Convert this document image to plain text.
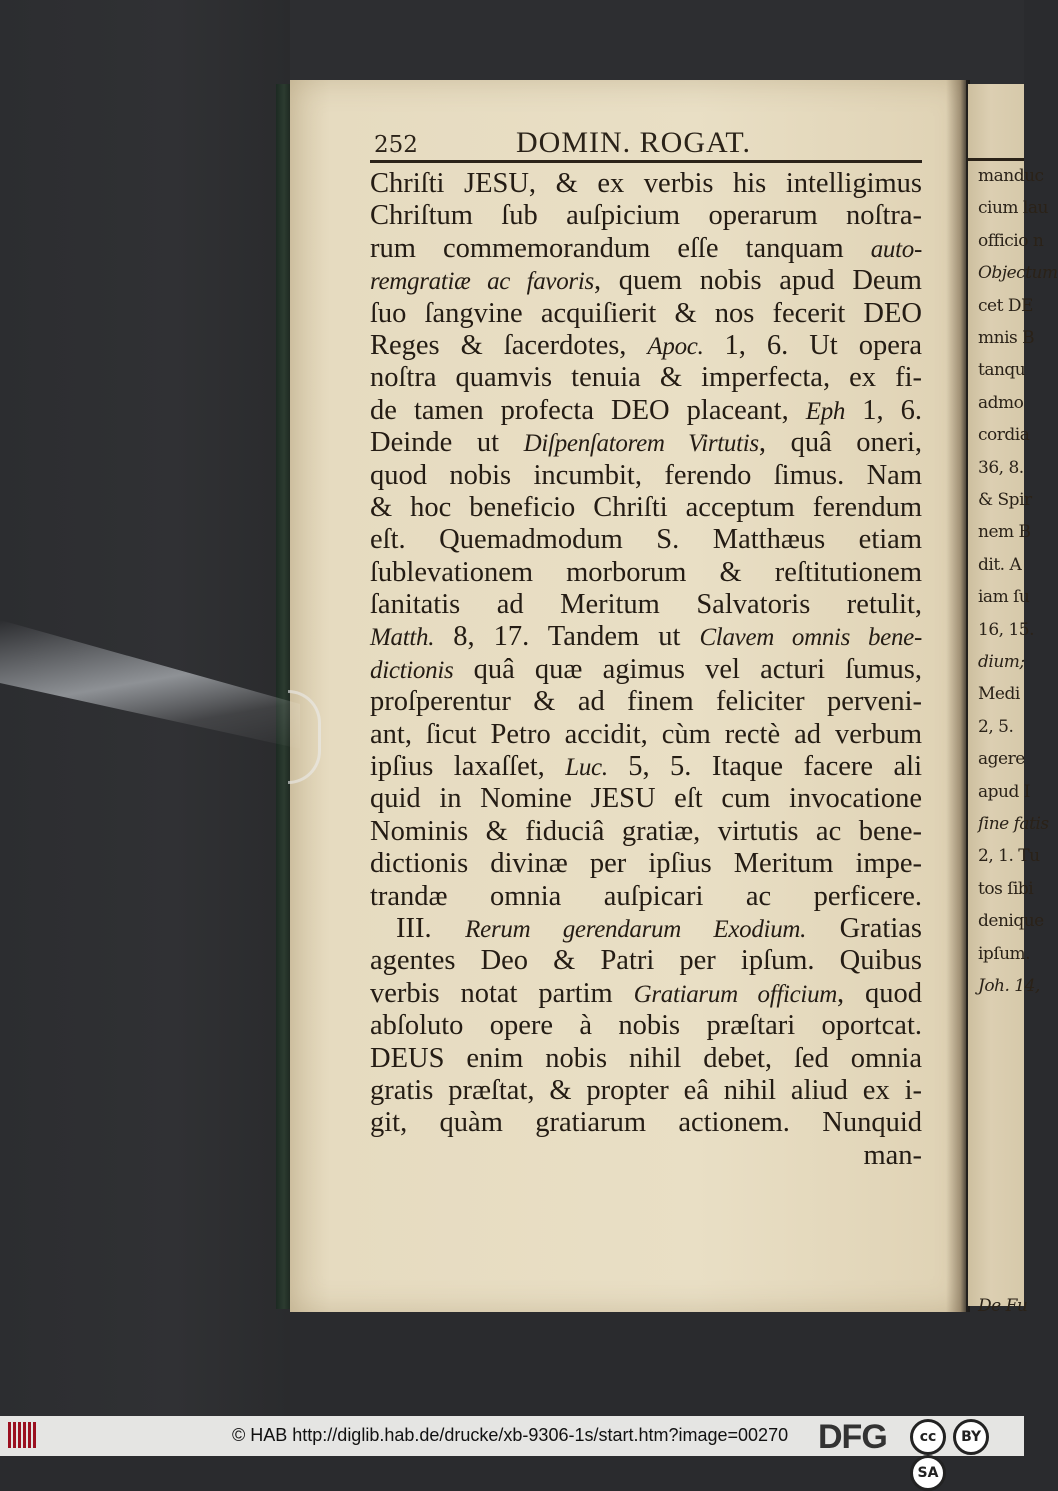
252	DOMIN. ROGAT.
Chriſti JESU, & ex verbis his intelligimus
Chriſtum ſub auſpicium operarum noſtra-
rum commemorandum eſſe tanquam auto-
remgratiæ ac favoris, quem nobis apud Deum
ſuo ſangvine acquiſierit & nos fecerit DEO
Reges & ſacerdotes, Apoc. 1, 6. Ut opera
noſtra quamvis tenuia & imperfecta, ex fi-
de tamen profecta DEO placeant, Eph 1, 6.
Deinde ut Diſpenſatorem Virtutis, quâ oneri,
quod nobis incumbit, ferendo ſimus. Nam
& hoc beneficio Chriſti acceptum ferendum
eſt. Quemadmodum S. Matthæus etiam
ſublevationem morborum & reſtitutionem
ſanitatis ad Meritum Salvatoris retulit,
Matth. 8, 17. Tandem ut Clavem omnis bene-
dictionis quâ quæ agimus vel acturi ſumus,
proſperentur & ad finem feliciter perveni-
ant, ſicut Petro accidit, cùm rectè ad verbum
ipſius laxaſſet, Luc. 5, 5. Itaque facere ali
quid in Nomine JESU eſt cum invocatione
Nominis & fiduciâ gratiæ, virtutis ac bene-
dictionis divinæ per ipſius Meritum impe-
trandæ omnia auſpicari ac perficere.
III. Rerum gerendarum Exodium. Gratias
agentes Deo & Patri per ipſum. Quibus
verbis notat partim Gratiarum officium, quod
abſoluto opere à nobis præſtari oportcat.
DEUS enim nobis nihil debet, ſed omnia
gratis præſtat, & propter eâ nihil aliud ex i-
git, quàm gratiarum actionem. Nunquid
man-
manduc
cium lau
officio n
Objectum
cet DE
mnis B
tanqu
admo
cordia
36, 8.
& Spir
nem B
dit. A
iam ſu
16, 15.
dium;
Medi
2, 5.
agere
apud I
ſine fatis
2, 1. Tu
tos ſibi
denique
ipſum.
Joh. 14,
De Fu
© HAB http://diglib.hab.de/drucke/xb-9306-1s/start.htm?image=00270 DFG	cc BY SA
